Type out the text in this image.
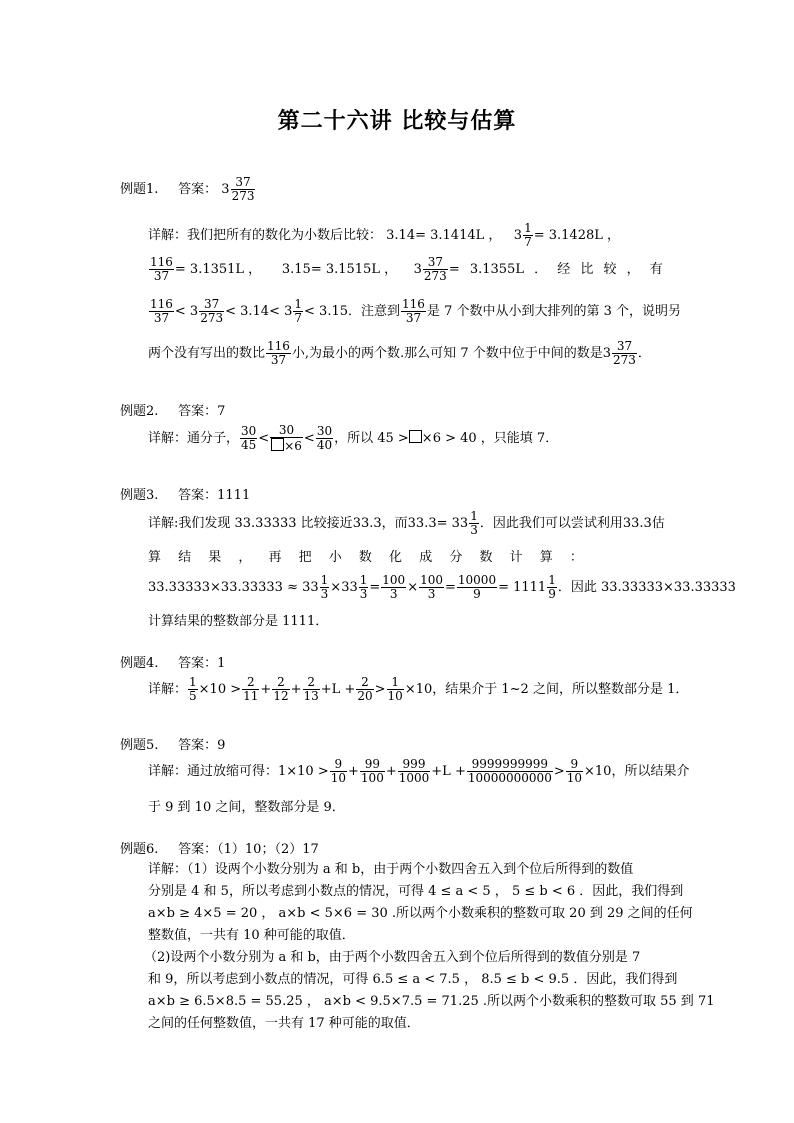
第二十六讲 比较与估算
例题1. 答案： $3 \frac{37}{273}$
详解：我们把所有的数化为小数后比较： 3.14= 3.1414L ， $3 \frac{1}{7} = 3.1428L$ ，
$\frac{116}{37} = 3.1351L$ ， 3.15= 3.1515L ， $3 \frac{37}{273} = 3.1355L$ ． 经 比 较 ， 有
$\frac{116}{37} < 3 \frac{37}{273} < 3.14< 3 \frac{1}{7} < 3.15$．注意到 $\frac{116}{37}$ 是 7 个数中从小到大排列的第 3 个，说明另
两个没有写出的数比 $\frac{116}{37}$ 小,为最小的两个数.那么可知 7 个数中位于中间的数是$3 \frac{37}{273}$ ．
例题2. 答案：7
详解：通分子， $\frac{30}{45} < \frac{30}{\times 6} < \frac{30}{40}$ ，所以 45 > ×6 > 40 ，只能填 7．
例题3. 答案：1111
详解:我们发现 33.33333 比较接近33.3，而$33.3= 33 \frac{1}{3}$ ．因此我们可以尝试利用33.3估
算 结 果 ， 再 把 小 数 化 成 分 数 计 算 ：
$33.33333\times 33.33333 \approx 33 \frac{1}{3} \times 33 \frac{1}{3} = \frac{100}{3} \times \frac{100}{3} = \frac{10000}{9} = 1111 \frac{1}{9}$ ．因此 33.33333×33.33333
计算结果的整数部分是 1111．
例题4. 答案：1
详解： $\frac{1}{5} \times 10 > \frac{2}{11} + \frac{2}{12} + \frac{2}{13} +L + \frac{2}{20} > \frac{1}{10} \times 10$，结果介于 1~2 之间，所以整数部分是 1．
例题5. 答案：9
详解：通过放缩可得：$1\times 10 > \frac{9}{10} + \frac{99}{100} + \frac{999}{1000} +L + \frac{9999999999}{10000000000} > \frac{9}{10} \times 10$，所以结果介
于 9 到 10 之间，整数部分是 9．
例题6. 答案：（1）10；（2）17
详解：（1）设两个小数分别为 a 和 b，由于两个小数四舍五入到个位后所得到的数值
分别是 4 和 5，所以考虑到小数点的情况，可得 4 ≤ a < 5 ， 5 ≤ b < 6 ．因此，我们得到
a×b ≥ 4×5 = 20 ， a×b < 5×6 = 30 .所以两个小数乘积的整数可取 20 到 29 之间的任何
整数值，一共有 10 种可能的取值．
（2)设两个小数分别为 a 和 b，由于两个小数四舍五入到个位后所得到的数值分别是 7
和 9，所以考虑到小数点的情况，可得 6.5 ≤ a < 7.5 ， 8.5 ≤ b < 9.5 ．因此，我们得到
a×b ≥ 6.5×8.5 = 55.25 ， a×b < 9.5×7.5 = 71.25 .所以两个小数乘积的整数可取 55 到 71
之间的任何整数值，一共有 17 种可能的取值．
